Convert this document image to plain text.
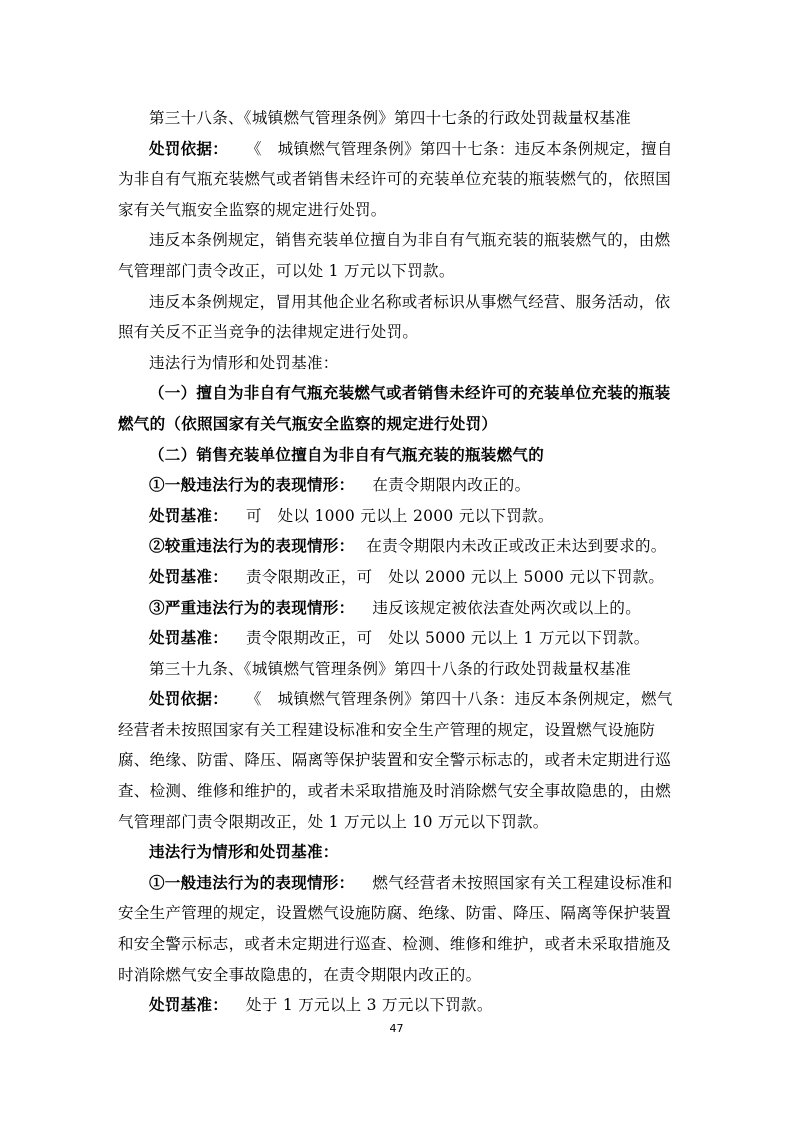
第三十八条、《城镇燃气管理条例》第四十七条的行政处罚裁量权基准

处罚依据： 《　城镇燃气管理条例》第四十七条：违反本条例规定，擅自为非自有气瓶充装燃气或者销售未经许可的充装单位充装的瓶装燃气的，依照国家有关气瓶安全监察的规定进行处罚。

违反本条例规定，销售充装单位擅自为非自有气瓶充装的瓶装燃气的，由燃气管理部门责令改正，可以处 1 万元以下罚款。

违反本条例规定，冒用其他企业名称或者标识从事燃气经营、服务活动，依照有关反不正当竞争的法律规定进行处罚。

违法行为情形和处罚基准：

（一）擅自为非自有气瓶充装燃气或者销售未经许可的充装单位充装的瓶装燃气的（依照国家有关气瓶安全监察的规定进行处罚）

（二）销售充装单位擅自为非自有气瓶充装的瓶装燃气的

①一般违法行为的表现情形： 在责令期限内改正的。

处罚基准： 可　处以 1000 元以上 2000 元以下罚款。

②较重违法行为的表现情形： 在责令期限内未改正或改正未达到要求的。

处罚基准： 责令限期改正，可　处以 2000 元以上 5000 元以下罚款。

③严重违法行为的表现情形： 违反该规定被依法查处两次或以上的。

处罚基准： 责令限期改正，可　处以 5000 元以上 1 万元以下罚款。

第三十九条、《城镇燃气管理条例》第四十八条的行政处罚裁量权基准

处罚依据： 《　城镇燃气管理条例》第四十八条：违反本条例规定，燃气经营者未按照国家有关工程建设标准和安全生产管理的规定，设置燃气设施防腐、绝缘、防雷、降压、隔离等保护装置和安全警示标志的，或者未定期进行巡查、检测、维修和维护的，或者未采取措施及时消除燃气安全事故隐患的，由燃气管理部门责令限期改正，处 1 万元以上 10 万元以下罚款。

违法行为情形和处罚基准：

①一般违法行为的表现情形： 燃气经营者未按照国家有关工程建设标准和安全生产管理的规定，设置燃气设施防腐、绝缘、防雷、降压、隔离等保护装置和安全警示标志，或者未定期进行巡查、检测、维修和维护，或者未采取措施及时消除燃气安全事故隐患的，在责令期限内改正的。

处罚基准： 处于 1 万元以上 3 万元以下罚款。

47
